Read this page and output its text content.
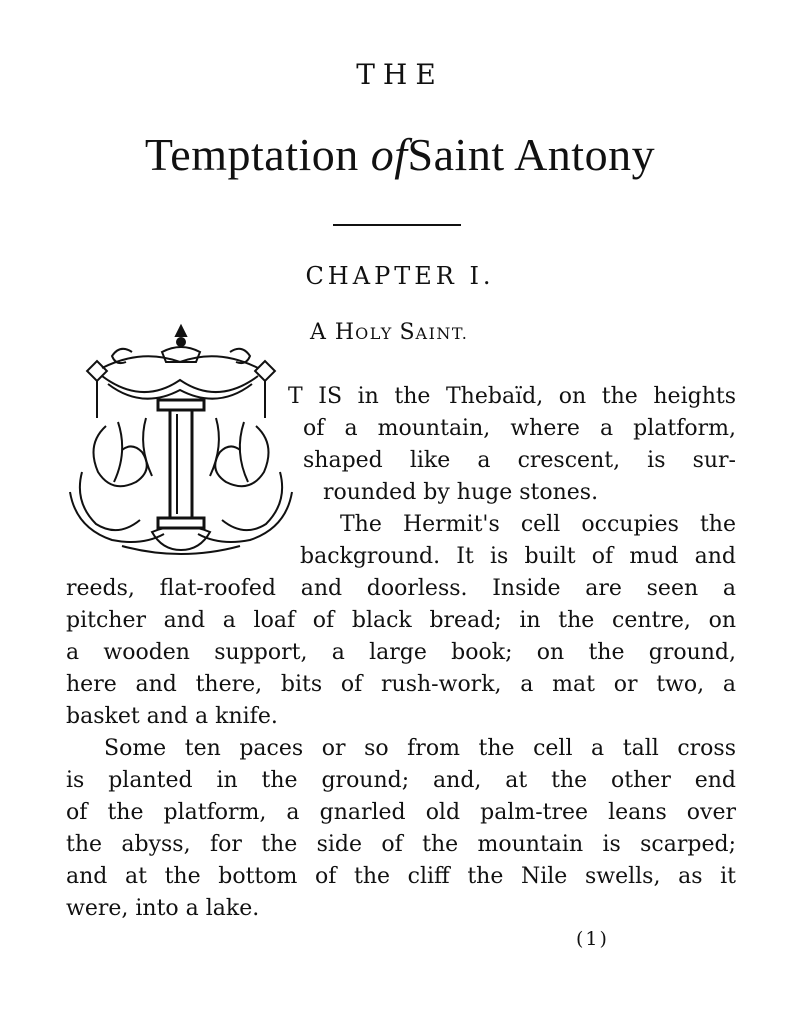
THE
Temptation ofSaint Antony
CHAPTER I.
A HOLY SAINT.
T IS in the Thebaïd, on the heights
of a mountain, where a platform,
shaped like a crescent, is sur-
rounded by huge stones.
The Hermit's cell occupies the
background. It is built of mud and
reeds, flat-roofed and doorless. Inside are seen a
pitcher and a loaf of black bread; in the centre, on
a wooden support, a large book; on the ground,
here and there, bits of rush-work, a mat or two, a
basket and a knife.
Some ten paces or so from the cell a tall cross
is planted in the ground; and, at the other end
of the platform, a gnarled old palm-tree leans over
the abyss, for the side of the mountain is scarped;
and at the bottom of the cliff the Nile swells, as it
were, into a lake.
(1)
